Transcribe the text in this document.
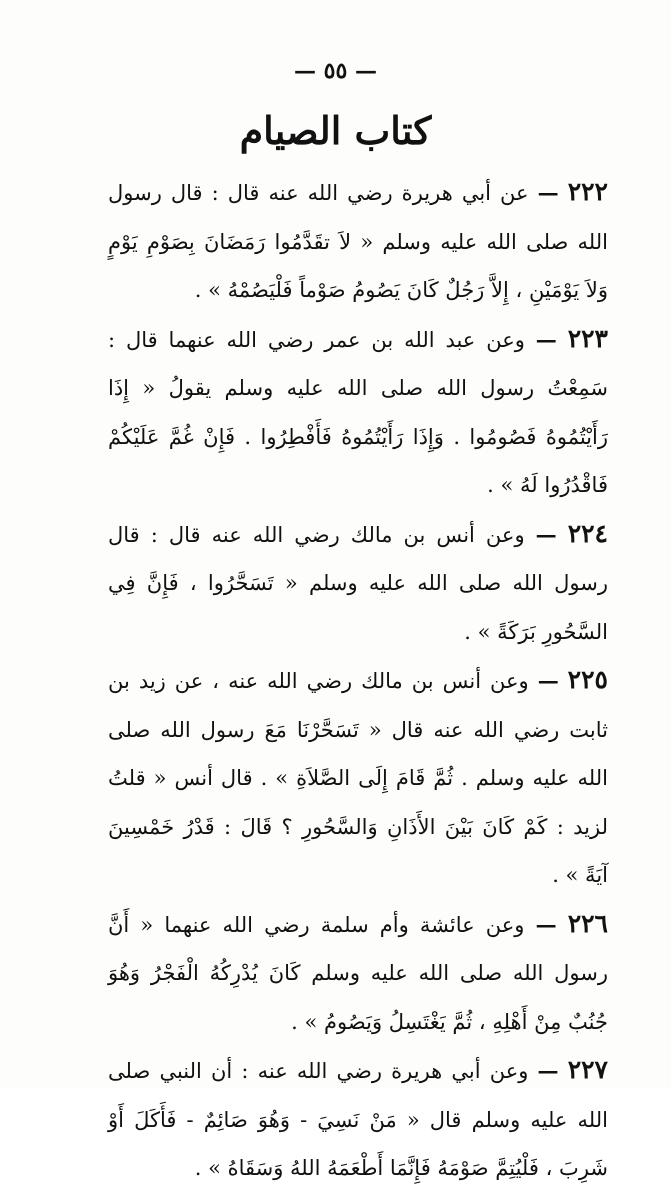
— ٥٥ —
كتاب الصيام

٢٢٢ — عن أبي هريرة رضي الله عنه قال : قال رسول الله صلى الله عليه وسلم « لاَ تقَدَّمُوا رَمَضَانَ بِصَوْمِ يَوْمٍ وَلاَ يَوْمَيْنِ ، إِلاَّ رَجُلٌ كَانَ يَصُومُ صَوْماً فَلْيَصُمْهُ » .

٢٢٣ — وعن عبد الله بن عمر رضي الله عنهما قال : سَمِعْتُ رسول الله صلى الله عليه وسلم يقولُ « إِذَا رَأَيْتُمُوهُ فَصُومُوا . وَإِذَا رَأَيْتُمُوهُ فَأَفْطِرُوا . فَإِنْ غُمَّ عَلَيْكُمْ فَاقْدُرُوا لَهُ » .

٢٢٤ — وعن أنس بن مالك رضي الله عنه قال : قال رسول الله صلى الله عليه وسلم « تَسَحَّرُوا ، فَإِنَّ فِي السَّحُورِ بَرَكَةً » .

٢٢٥ — وعن أنس بن مالك رضي الله عنه ، عن زيد بن ثابت رضي الله عنه قال « تَسَحَّرْنَا مَعَ رسول الله صلى الله عليه وسلم . ثُمَّ قَامَ إِلَى الصَّلاَةِ » . قال أنس « قلتُ لزيد : كَمْ كَانَ بَيْنَ الأَذَانِ وَالسَّحُورِ ؟ قَالَ : قَدْرُ خَمْسِينَ آيَةً » .

٢٢٦ — وعن عائشة وأم سلمة رضي الله عنهما « أَنَّ رسول الله صلى الله عليه وسلم كَانَ يُدْرِكُهُ الْفَجْرُ وَهُوَ جُنُبٌ مِنْ أَهْلِهِ ، ثُمَّ يَغْتَسِلُ وَيَصُومُ » .

٢٢٧ — وعن أبي هريرة رضي الله عنه : أن النبي صلى الله عليه وسلم قال « مَنْ نَسِيَ - وَهُوَ صَائِمٌ - فَأَكَلَ أَوْ شَرِبَ ، فَلْيُتِمَّ صَوْمَهُ فَإِنَّمَا أَطْعَمَهُ اللهُ وَسَقَاهُ » .
